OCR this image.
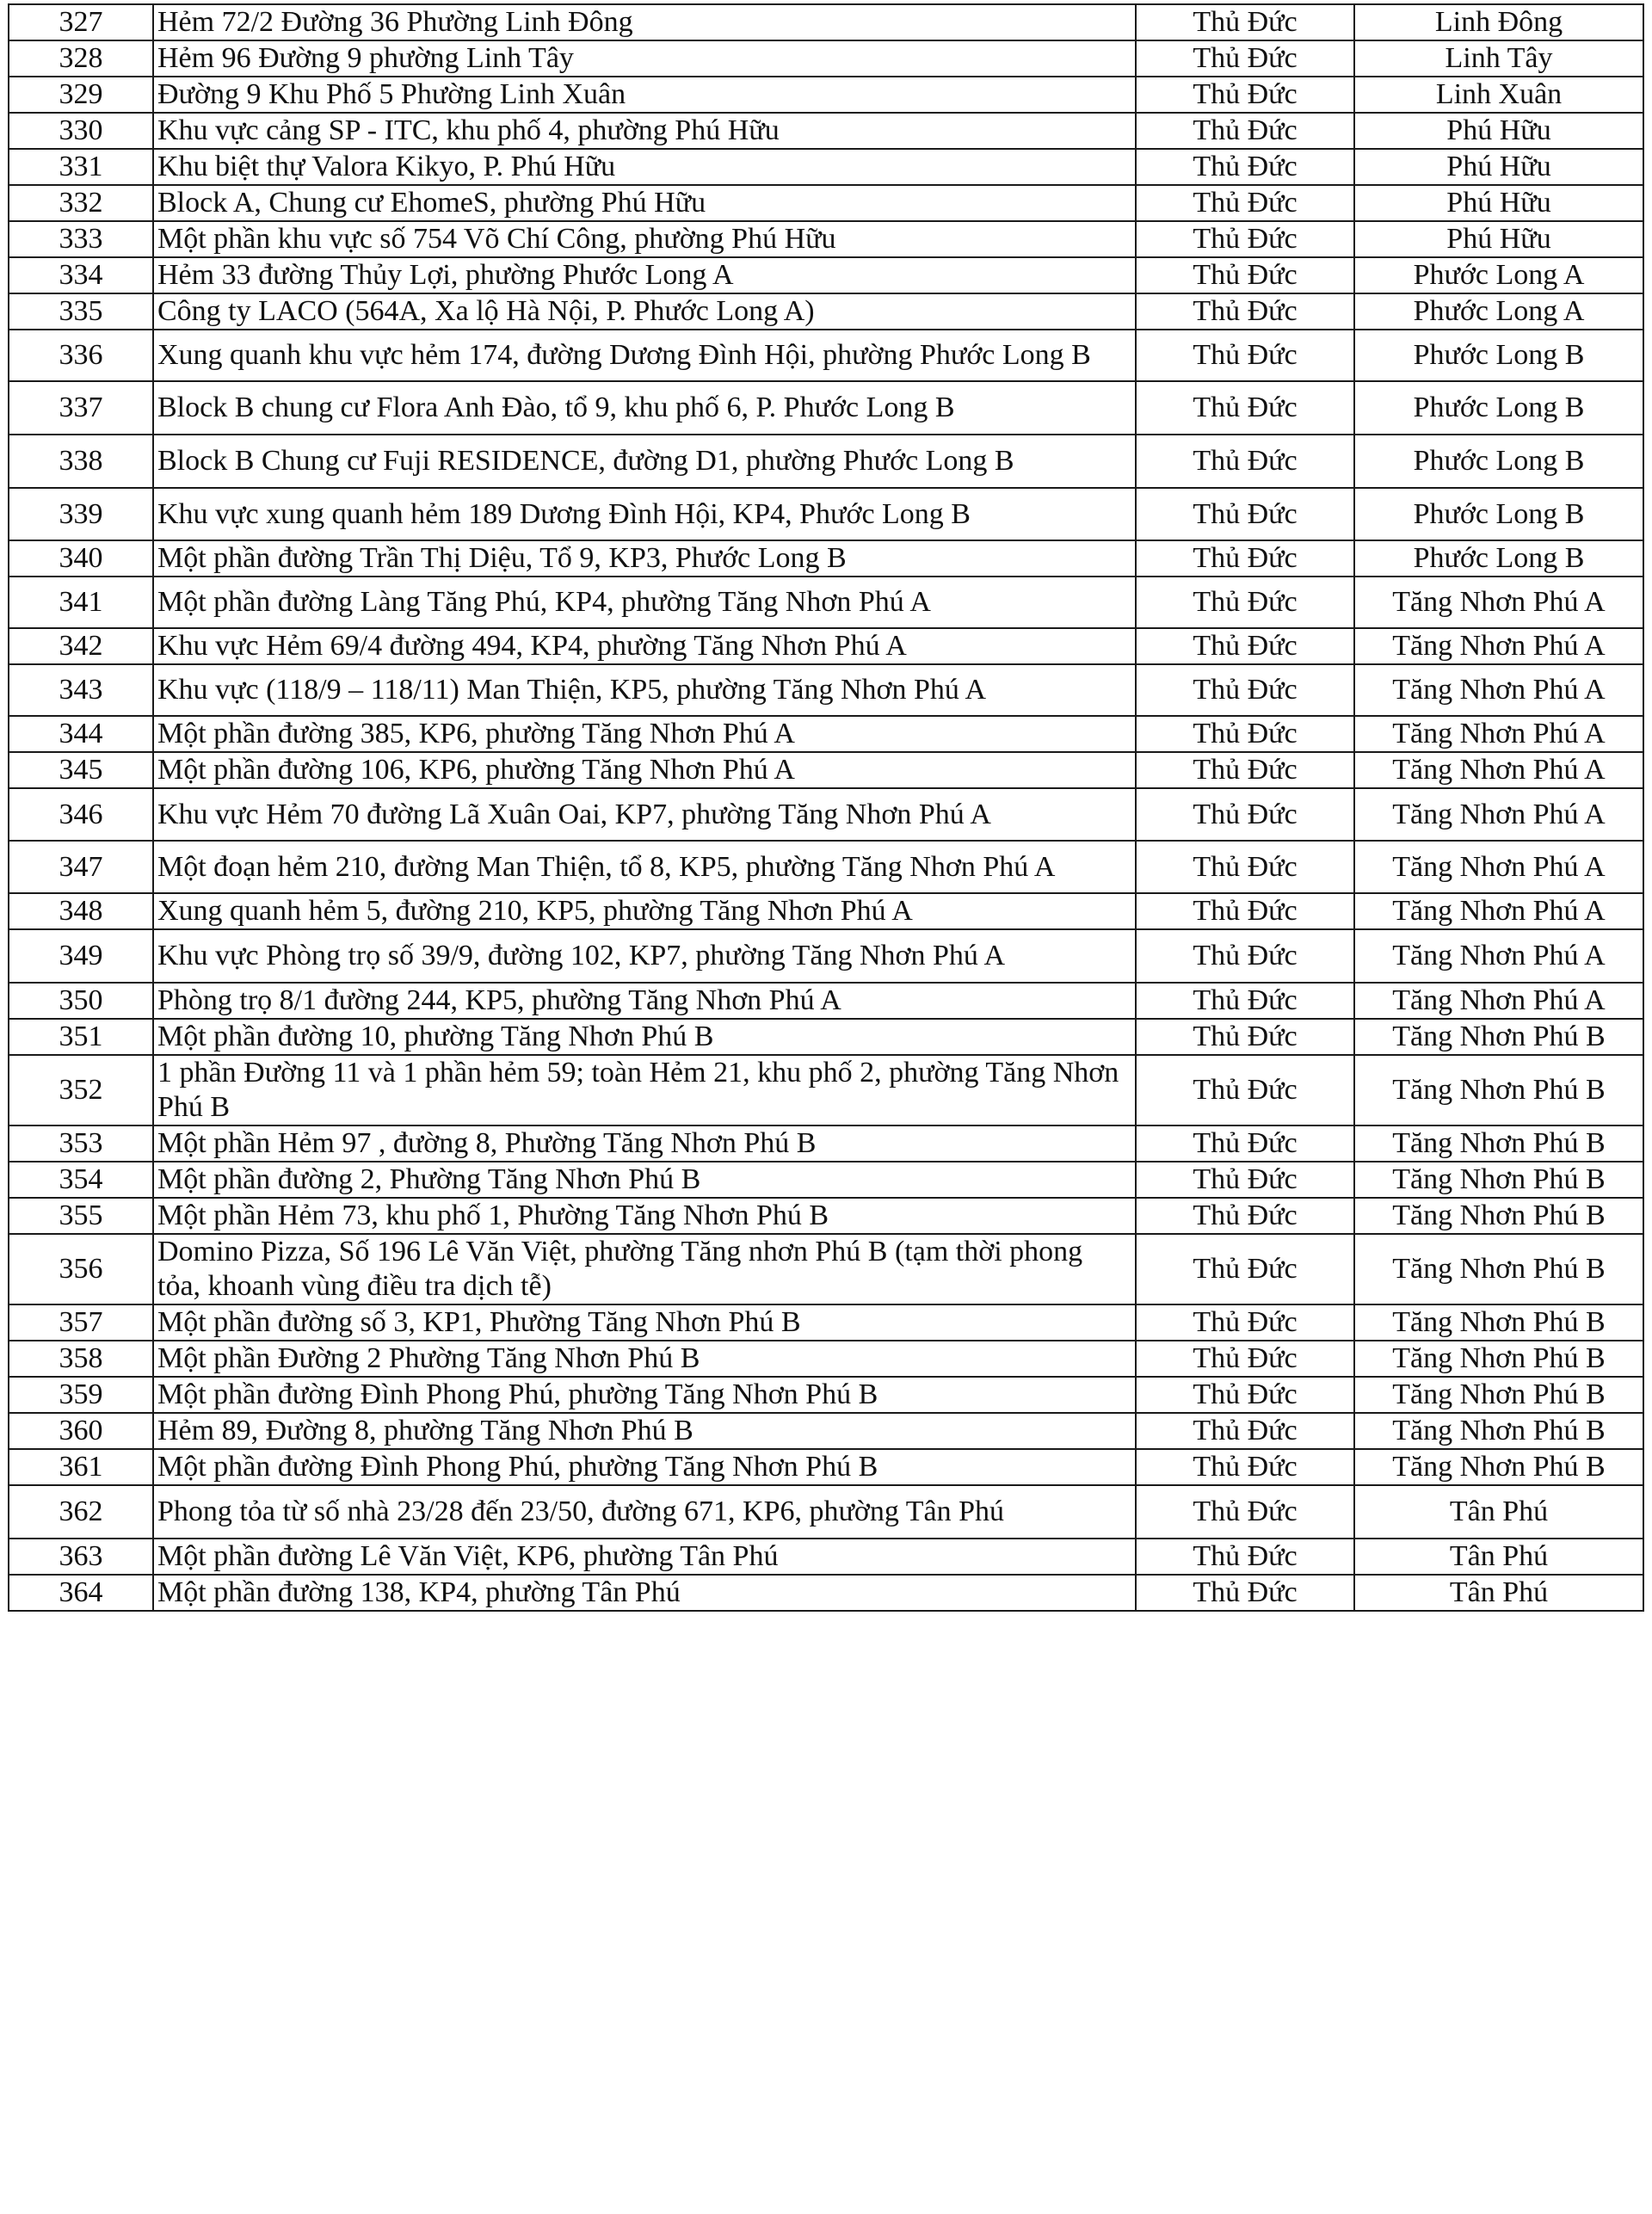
327	Hẻm 72/2 Đường 36 Phường Linh Đông	Thủ Đức	Linh Đông
328	Hẻm 96 Đường 9 phường Linh Tây	Thủ Đức	Linh Tây
329	Đường 9 Khu Phố 5 Phường Linh Xuân	Thủ Đức	Linh Xuân
330	Khu vực cảng SP - ITC, khu phố 4, phường Phú Hữu	Thủ Đức	Phú Hữu
331	Khu biệt thự Valora Kikyo, P. Phú Hữu	Thủ Đức	Phú Hữu
332	Block A, Chung cư EhomeS, phường Phú Hữu	Thủ Đức	Phú Hữu
333	Một phần khu vực số 754 Võ Chí Công, phường Phú Hữu	Thủ Đức	Phú Hữu
334	Hẻm 33 đường Thủy Lợi, phường Phước Long A	Thủ Đức	Phước Long A
335	Công ty LACO (564A, Xa lộ Hà Nội, P. Phước Long A)	Thủ Đức	Phước Long A
336	Xung quanh khu vực hẻm 174, đường Dương Đình Hội, phường Phước Long B	Thủ Đức	Phước Long B
337	Block B chung cư Flora Anh Đào, tổ 9, khu phố 6, P. Phước Long B	Thủ Đức	Phước Long B
338	Block B Chung cư Fuji RESIDENCE, đường D1, phường Phước Long B	Thủ Đức	Phước Long B
339	Khu vực xung quanh hẻm 189 Dương Đình Hội, KP4, Phước Long B	Thủ Đức	Phước Long B
340	Một phần đường Trần Thị Diệu, Tổ 9, KP3, Phước Long B	Thủ Đức	Phước Long B
341	Một phần đường Làng Tăng Phú, KP4, phường Tăng Nhơn Phú A	Thủ Đức	Tăng Nhơn Phú A
342	Khu vực Hẻm 69/4 đường 494, KP4, phường Tăng Nhơn Phú A	Thủ Đức	Tăng Nhơn Phú A
343	Khu vực (118/9 – 118/11) Man Thiện, KP5, phường Tăng Nhơn Phú A	Thủ Đức	Tăng Nhơn Phú A
344	Một phần đường 385, KP6, phường Tăng Nhơn Phú A	Thủ Đức	Tăng Nhơn Phú A
345	Một phần đường 106, KP6, phường Tăng Nhơn Phú A	Thủ Đức	Tăng Nhơn Phú A
346	Khu vực Hẻm 70 đường Lã Xuân Oai, KP7, phường Tăng Nhơn Phú A	Thủ Đức	Tăng Nhơn Phú A
347	Một đoạn hẻm 210, đường Man Thiện, tổ 8, KP5, phường Tăng Nhơn Phú A	Thủ Đức	Tăng Nhơn Phú A
348	Xung quanh hẻm 5, đường 210, KP5, phường Tăng Nhơn Phú A	Thủ Đức	Tăng Nhơn Phú A
349	Khu vực Phòng trọ số 39/9, đường 102, KP7, phường Tăng Nhơn Phú A	Thủ Đức	Tăng Nhơn Phú A
350	Phòng trọ 8/1 đường 244, KP5, phường Tăng Nhơn Phú A	Thủ Đức	Tăng Nhơn Phú A
351	Một phần đường 10, phường Tăng Nhơn Phú B	Thủ Đức	Tăng Nhơn Phú B
352	1 phần Đường 11 và 1 phần hẻm 59; toàn Hẻm 21, khu phố 2, phường Tăng Nhơn Phú B	Thủ Đức	Tăng Nhơn Phú B
353	Một phần Hẻm 97 , đường 8, Phường Tăng Nhơn Phú B	Thủ Đức	Tăng Nhơn Phú B
354	Một phần đường 2, Phường Tăng Nhơn Phú B	Thủ Đức	Tăng Nhơn Phú B
355	Một phần Hẻm 73, khu phố 1, Phường Tăng Nhơn Phú B	Thủ Đức	Tăng Nhơn Phú B
356	Domino Pizza, Số 196 Lê Văn Việt, phường Tăng nhơn Phú B (tạm thời phong tỏa, khoanh vùng điều tra dịch tễ)	Thủ Đức	Tăng Nhơn Phú B
357	Một phần đường số 3, KP1, Phường Tăng Nhơn Phú B	Thủ Đức	Tăng Nhơn Phú B
358	Một phần Đường 2 Phường Tăng Nhơn Phú B	Thủ Đức	Tăng Nhơn Phú B
359	Một phần đường Đình Phong Phú, phường Tăng Nhơn Phú B	Thủ Đức	Tăng Nhơn Phú B
360	Hẻm 89, Đường 8, phường Tăng Nhơn Phú B	Thủ Đức	Tăng Nhơn Phú B
361	Một phần đường Đình Phong Phú, phường Tăng Nhơn Phú B	Thủ Đức	Tăng Nhơn Phú B
362	Phong tỏa từ số nhà 23/28 đến 23/50, đường 671, KP6, phường Tân Phú	Thủ Đức	Tân Phú
363	Một phần đường Lê Văn Việt, KP6, phường Tân Phú	Thủ Đức	Tân Phú
364	Một phần đường 138, KP4, phường Tân Phú	Thủ Đức	Tân Phú
